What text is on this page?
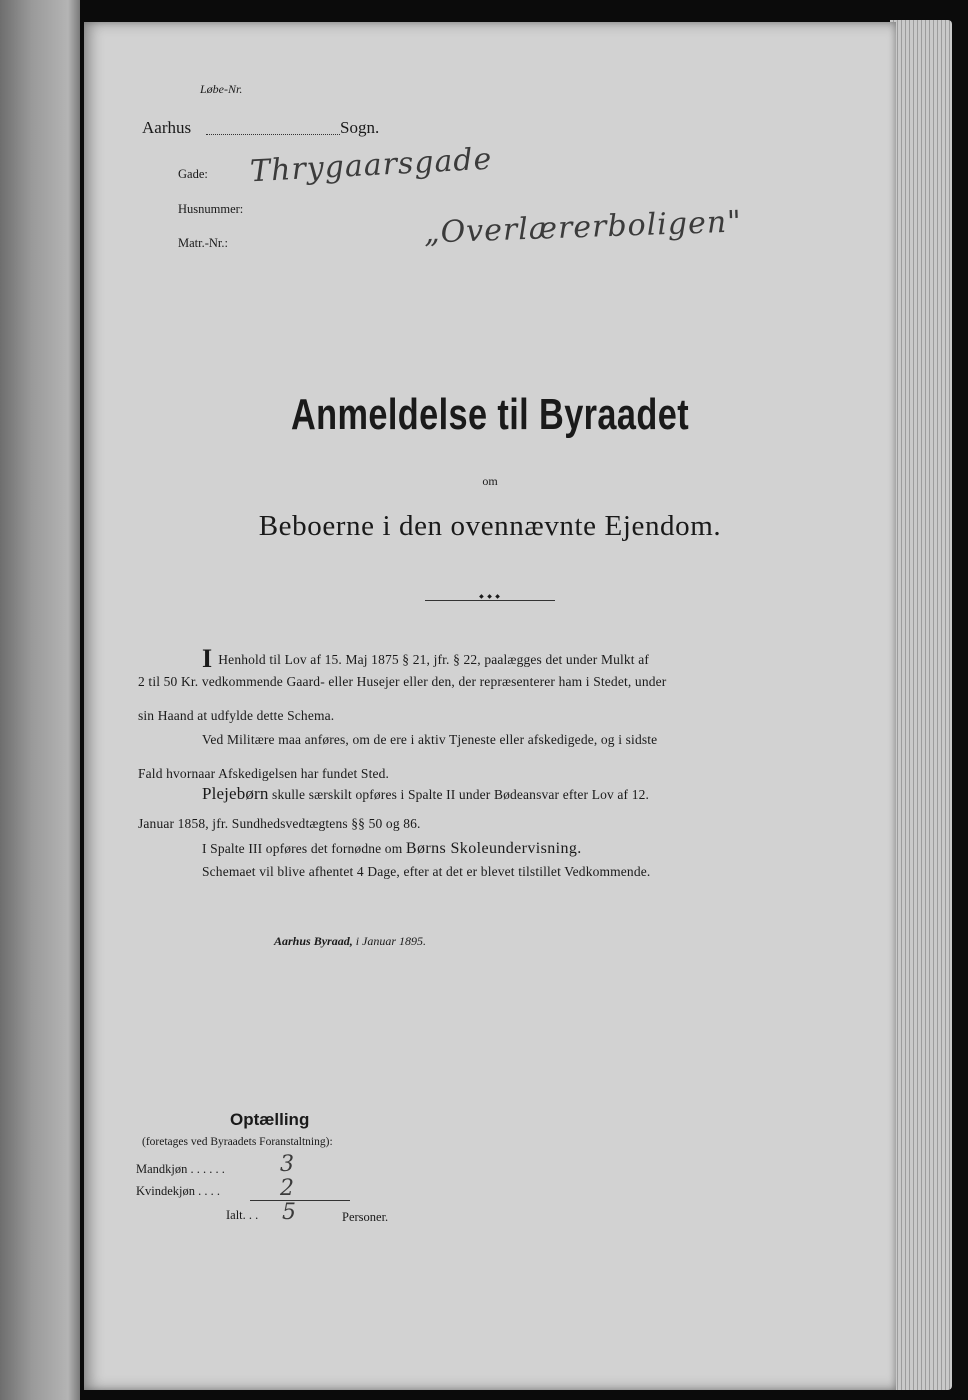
Løbe-Nr.
Aarhus	Sogn.
Gade: Thrygaarsgade
Husnummer:
Matr.-Nr.:	„Overlærerboligen"
Anmeldelse til Byraadet
om
Beboerne i den ovennævnte Ejendom.
◆ ◆ ◆
I Henhold til Lov af 15. Maj 1875 § 21, jfr. § 22, paalægges det under Mulkt af
2 til 50 Kr. vedkommende Gaard- eller Husejer eller den, der repræsenterer ham i Stedet, under
sin Haand at udfylde dette Schema.
Ved Militære maa anføres, om de ere i aktiv Tjeneste eller afskedigede, og i sidste
Fald hvornaar Afskedigelsen har fundet Sted.
Plejebørn skulle særskilt opføres i Spalte II under Bødeansvar efter Lov af 12.
Januar 1858, jfr. Sundhedsvedtægtens §§ 50 og 86.
I Spalte III opføres det fornødne om Børns Skoleundervisning.
Schemaet vil blive afhentet 4 Dage, efter at det er blevet tilstillet Vedkommende.
Aarhus Byraad, i Januar 1895.
Optælling
(foretages ved Byraadets Foranstaltning):
Mandkjøn . . . . . .	3
Kvindekjøn . . . .	2
Ialt. . . 5	Personer.
